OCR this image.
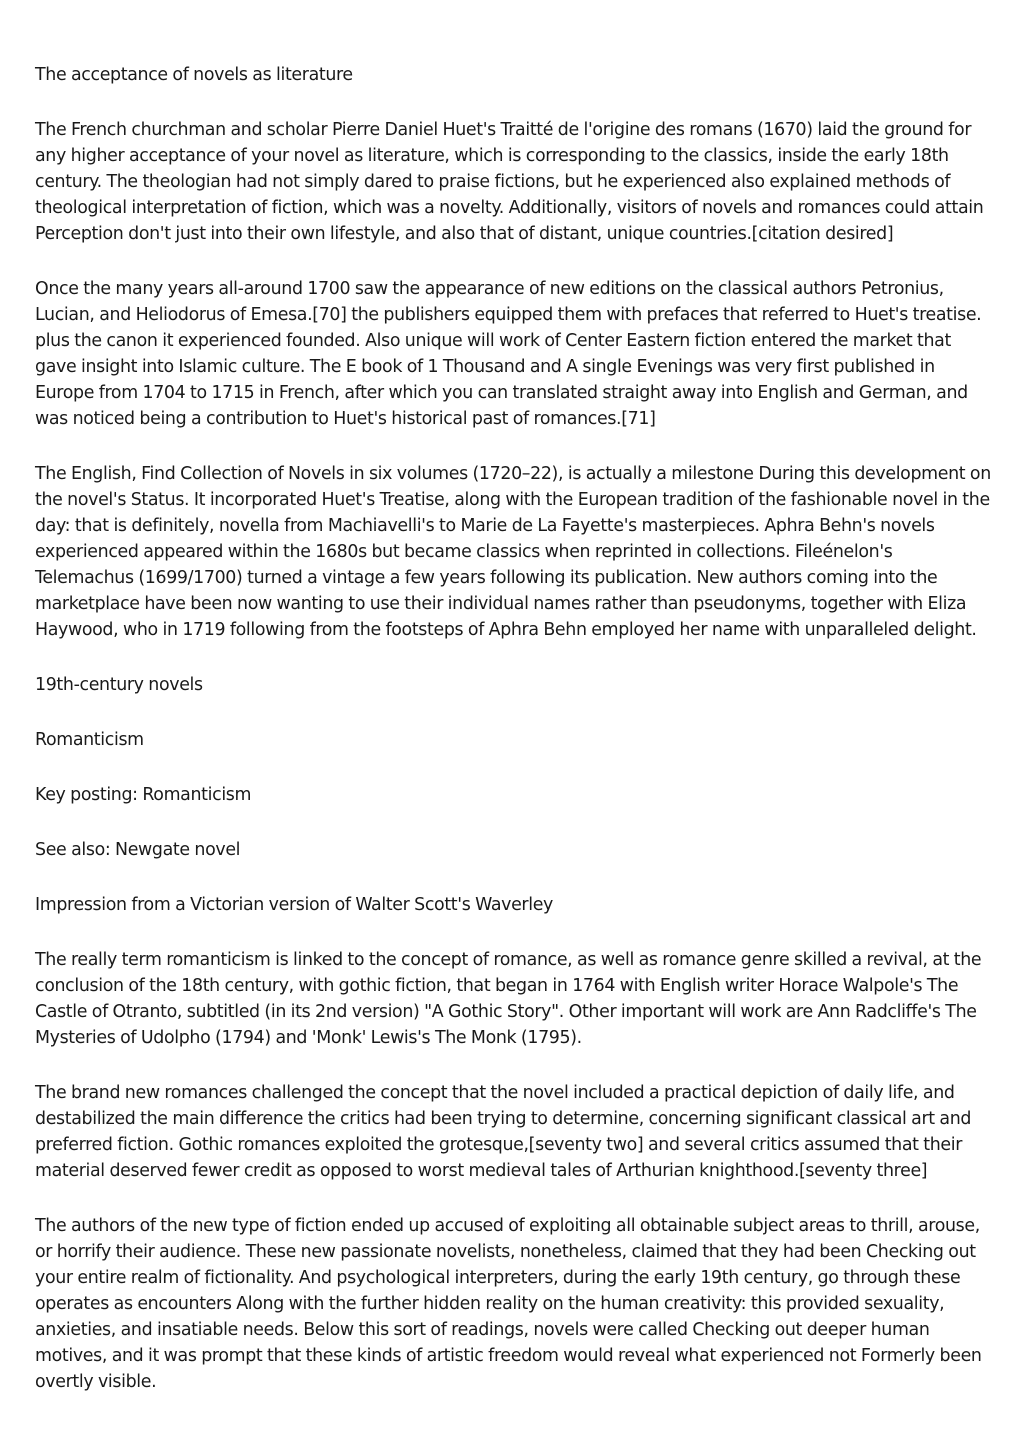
The acceptance of novels as literature

The French churchman and scholar Pierre Daniel Huet's Traitté de l'origine des romans (1670) laid the ground for any higher acceptance of your novel as literature, which is corresponding to the classics, inside the early 18th century. The theologian had not simply dared to praise fictions, but he experienced also explained methods of theological interpretation of fiction, which was a novelty. Additionally, visitors of novels and romances could attain Perception don't just into their own lifestyle, and also that of distant, unique countries.[citation desired]

Once the many years all-around 1700 saw the appearance of new editions on the classical authors Petronius, Lucian, and Heliodorus of Emesa.[70] the publishers equipped them with prefaces that referred to Huet's treatise. plus the canon it experienced founded. Also unique will work of Center Eastern fiction entered the market that gave insight into Islamic culture. The E book of 1 Thousand and A single Evenings was very first published in Europe from 1704 to 1715 in French, after which you can translated straight away into English and German, and was noticed being a contribution to Huet's historical past of romances.[71]

The English, Find Collection of Novels in six volumes (1720–22), is actually a milestone During this development on the novel's Status. It incorporated Huet's Treatise, along with the European tradition of the fashionable novel in the day: that is definitely, novella from Machiavelli's to Marie de La Fayette's masterpieces. Aphra Behn's novels experienced appeared within the 1680s but became classics when reprinted in collections. Fileénelon's Telemachus (1699/1700) turned a vintage a few years following its publication. New authors coming into the marketplace have been now wanting to use their individual names rather than pseudonyms, together with Eliza Haywood, who in 1719 following from the footsteps of Aphra Behn employed her name with unparalleled delight.

19th-century novels

Romanticism

Key posting: Romanticism

See also: Newgate novel

Impression from a Victorian version of Walter Scott's Waverley

The really term romanticism is linked to the concept of romance, as well as romance genre skilled a revival, at the conclusion of the 18th century, with gothic fiction, that began in 1764 with English writer Horace Walpole's The Castle of Otranto, subtitled (in its 2nd version) "A Gothic Story". Other important will work are Ann Radcliffe's The Mysteries of Udolpho (1794) and 'Monk' Lewis's The Monk (1795).

The brand new romances challenged the concept that the novel included a practical depiction of daily life, and destabilized the main difference the critics had been trying to determine, concerning significant classical art and preferred fiction. Gothic romances exploited the grotesque,[seventy two] and several critics assumed that their material deserved fewer credit as opposed to worst medieval tales of Arthurian knighthood.[seventy three]

The authors of the new type of fiction ended up accused of exploiting all obtainable subject areas to thrill, arouse, or horrify their audience. These new passionate novelists, nonetheless, claimed that they had been Checking out your entire realm of fictionality. And psychological interpreters, during the early 19th century, go through these operates as encounters Along with the further hidden reality on the human creativity: this provided sexuality, anxieties, and insatiable needs. Below this sort of readings, novels were called Checking out deeper human motives, and it was prompt that these kinds of artistic freedom would reveal what experienced not Formerly been overtly visible.
